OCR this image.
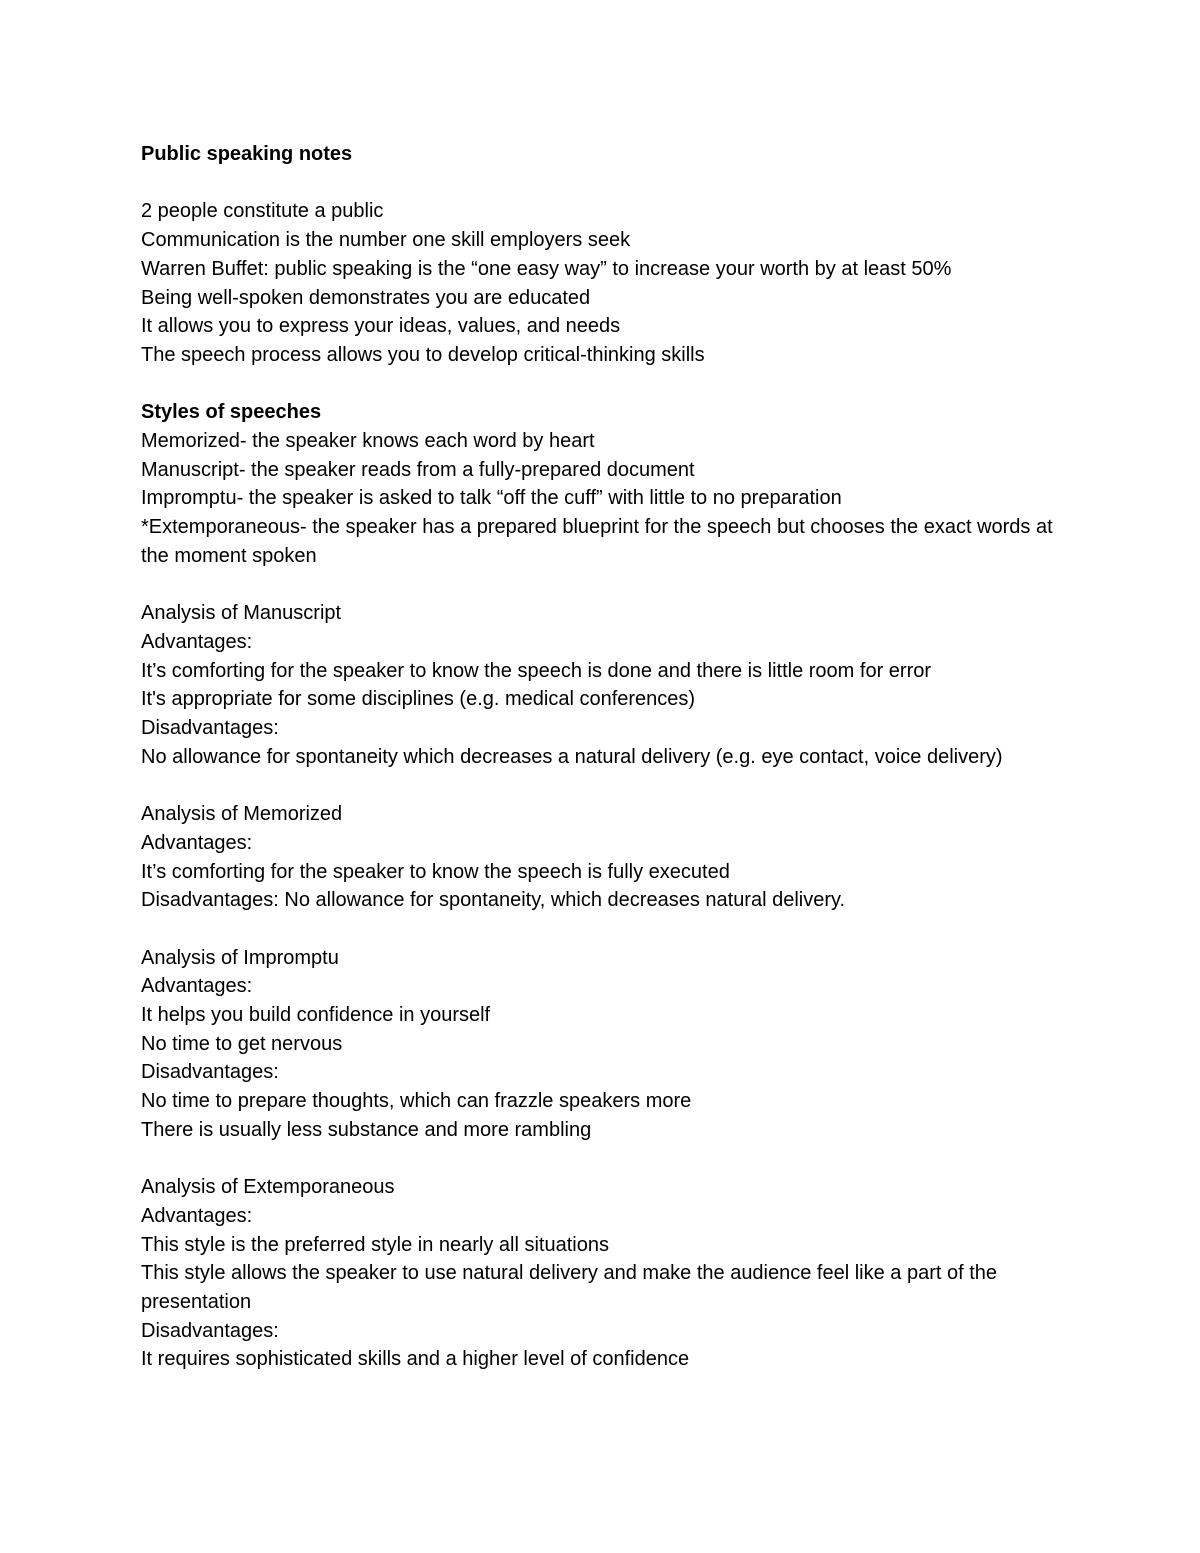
Public speaking notes
2 people constitute a public
Communication is the number one skill employers seek
Warren Buffet: public speaking is the “one easy way” to increase your worth by at least 50%
Being well-spoken demonstrates you are educated
It allows you to express your ideas, values, and needs
The speech process allows you to develop critical-thinking skills
Styles of speeches
Memorized- the speaker knows each word by heart
Manuscript- the speaker reads from a fully-prepared document
Impromptu- the speaker is asked to talk “off the cuff” with little to no preparation
*Extemporaneous- the speaker has a prepared blueprint for the speech but chooses the exact words at the moment spoken
Analysis of Manuscript
Advantages:
It’s comforting for the speaker to know the speech is done and there is little room for error
It's appropriate for some disciplines (e.g. medical conferences)
Disadvantages:
No allowance for spontaneity which decreases a natural delivery (e.g. eye contact, voice delivery)
Analysis of Memorized
Advantages:
It’s comforting for the speaker to know the speech is fully executed
Disadvantages: No allowance for spontaneity, which decreases natural delivery.
Analysis of Impromptu
Advantages:
It helps you build confidence in yourself
No time to get nervous
Disadvantages:
No time to prepare thoughts, which can frazzle speakers more
There is usually less substance and more rambling
Analysis of Extemporaneous
Advantages:
This style is the preferred style in nearly all situations
This style allows the speaker to use natural delivery and make the audience feel like a part of the presentation
Disadvantages:
It requires sophisticated skills and a higher level of confidence
